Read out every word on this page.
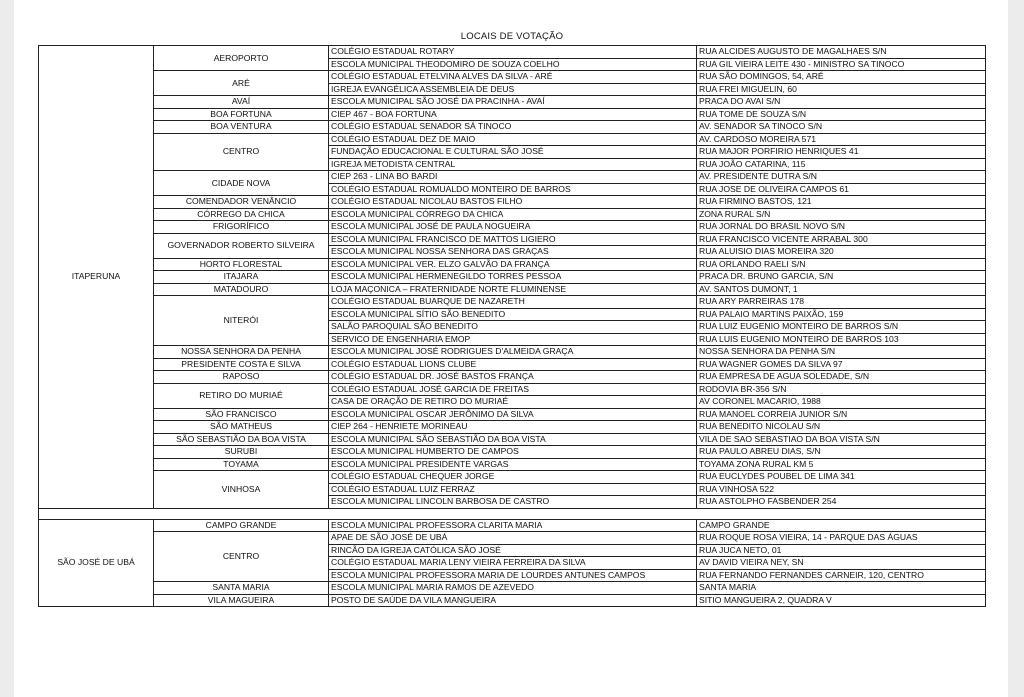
LOCAIS DE VOTAÇÃO
ITAPERUNA	AEROPORTO	COLÉGIO ESTADUAL ROTARY	RUA ALCIDES AUGUSTO DE MAGALHAES S/N
		ESCOLA MUNICIPAL THEODOMIRO DE SOUZA COELHO	RUA GIL VIEIRA LEITE 430 - MINISTRO SA TINOCO
	ARÉ	COLÉGIO ESTADUAL ETELVINA ALVES DA SILVA - ARÉ	RUA SÃO DOMINGOS, 54, ARÉ
		IGREJA EVANGÉLICA ASSEMBLEIA DE DEUS	RUA FREI MIGUELIN, 60
	AVAÍ	ESCOLA MUNICIPAL SÃO JOSÉ DA PRACINHA - AVAÍ	PRACA DO AVAI S/N
	BOA FORTUNA	CIEP 467 - BOA FORTUNA	RUA TOME DE SOUZA S/N
	BOA VENTURA	COLÉGIO ESTADUAL SENADOR SÁ TINOCO	AV. SENADOR SA TINOCO S/N
	CENTRO	COLÉGIO ESTADUAL DEZ DE MAIO	AV. CARDOSO MOREIRA 571
		FUNDAÇÃO EDUCACIONAL E CULTURAL SÃO JOSÉ	RUA MAJOR PORFIRIO HENRIQUES 41
		IGREJA METODISTA CENTRAL	RUA JOÃO CATARINA, 115
	CIDADE NOVA	CIEP 263 - LINA BO BARDI	AV. PRESIDENTE DUTRA S/N
		COLÉGIO ESTADUAL ROMUALDO MONTEIRO DE BARROS	RUA JOSE DE OLIVEIRA CAMPOS 61
	COMENDADOR VENÂNCIO	COLÉGIO ESTADUAL NICOLAU BASTOS FILHO	RUA FIRMINO BASTOS, 121
	CÓRREGO DA CHICA	ESCOLA MUNICIPAL CÓRREGO DA CHICA	ZONA RURAL S/N
	FRIGORÍFICO	ESCOLA MUNICIPAL JOSÉ DE PAULA NOGUEIRA	RUA JORNAL DO BRASIL NOVO S/N
	GOVERNADOR ROBERTO SILVEIRA	ESCOLA MUNICIPAL FRANCISCO DE MATTOS LIGIERO	RUA FRANCISCO VICENTE ARRABAL 300
		ESCOLA MUNICIPAL NOSSA SENHORA DAS GRAÇAS	RUA ALUISIO DIAS MOREIRA 320
	HORTO FLORESTAL	ESCOLA MUNICIPAL VER. ELZO GALVÃO DA FRANÇA	RUA ORLANDO RAELI S/N
	ITAJARA	ESCOLA MUNICIPAL HERMENEGILDO TORRES PESSOA	PRACA DR. BRUNO GARCIA, S/N
	MATADOURO	LOJA MAÇONICA – FRATERNIDADE NORTE FLUMINENSE	AV. SANTOS DUMONT, 1
	NITERÓI	COLÉGIO ESTADUAL BUARQUE DE NAZARETH	RUA ARY PARREIRAS 178
		ESCOLA MUNICIPAL SÍTIO SÃO BENEDITO	RUA PALAIO MARTINS PAIXÃO, 159
		SALÃO PAROQUIAL SÃO BENEDITO	RUA LUIZ EUGENIO MONTEIRO DE BARROS S/N
		SERVICO DE ENGENHARIA EMOP	RUA LUIS EUGENIO MONTEIRO DE BARROS 103
	NOSSA SENHORA DA PENHA	ESCOLA MUNICIPAL JOSÉ RODRIGUES D'ALMEIDA GRAÇA	NOSSA SENHORA DA PENHA S/N
	PRESIDENTE COSTA E SILVA	COLÉGIO ESTADUAL LIONS CLUBE	RUA WAGNER GOMES DA SILVA 97
	RAPOSO	COLÉGIO ESTADUAL DR. JOSÉ BASTOS FRANÇA	RUA EMPRESA DE AGUA SOLEDADE, S/N
	RETIRO DO MURIAÉ	COLÉGIO ESTADUAL JOSÉ GARCIA DE FREITAS	RODOVIA BR-356 S/N
		CASA DE ORAÇÃO DE RETIRO DO MURIAÉ	AV CORONEL MACARIO, 1988
	SÃO FRANCISCO	ESCOLA MUNICIPAL OSCAR JERÔNIMO DA SILVA	RUA MANOEL CORREIA JUNIOR S/N
	SÃO MATHEUS	CIEP 264 - HENRIETE MORINEAU	RUA BENEDITO NICOLAU S/N
	SÃO SEBASTIÃO DA BOA VISTA	ESCOLA MUNICIPAL SÃO SEBASTIÃO DA BOA VISTA	VILA DE SAO SEBASTIAO DA BOA VISTA S/N
	SURUBI	ESCOLA MUNICIPAL HUMBERTO DE CAMPOS	RUA PAULO ABREU DIAS, S/N
	TOYAMA	ESCOLA MUNICIPAL PRESIDENTE VARGAS	TOYAMA ZONA RURAL KM 5
	VINHOSA	COLÉGIO ESTADUAL CHEQUER JORGE	RUA EUCLYDES POUBEL DE LIMA 341
		COLÉGIO ESTADUAL LUIZ FERRAZ	RUA VINHOSA 522
		ESCOLA MUNICIPAL LINCOLN BARBOSA DE CASTRO	RUA ASTOLPHO FASBENDER 254

SÃO JOSÉ DE UBÁ	CAMPO GRANDE	ESCOLA MUNICIPAL PROFESSORA CLARITA MARIA	CAMPO GRANDE
	CENTRO	APAE DE SÃO JOSÉ DE UBÁ	RUA ROQUE ROSA VIEIRA, 14 - PARQUE DAS ÁGUAS
		RINCÃO DA IGREJA CATÓLICA SÃO JOSÉ	RUA JUCA NETO, 01
		COLÉGIO ESTADUAL MARIA LENY VIEIRA FERREIRA DA SILVA	AV DAVID VIEIRA NEY, SN
		ESCOLA MUNICIPAL PROFESSORA MARIA DE LOURDES ANTUNES CAMPOS	RUA FERNANDO FERNANDES CARNEIR, 120, CENTRO
	SANTA MARIA	ESCOLA MUNICIPAL MARIA RAMOS DE AZEVEDO	SANTA MARIA
	VILA MAGUEIRA	POSTO DE SAÚDE DA VILA MANGUEIRA	SITIO MANGUEIRA 2, QUADRA V
